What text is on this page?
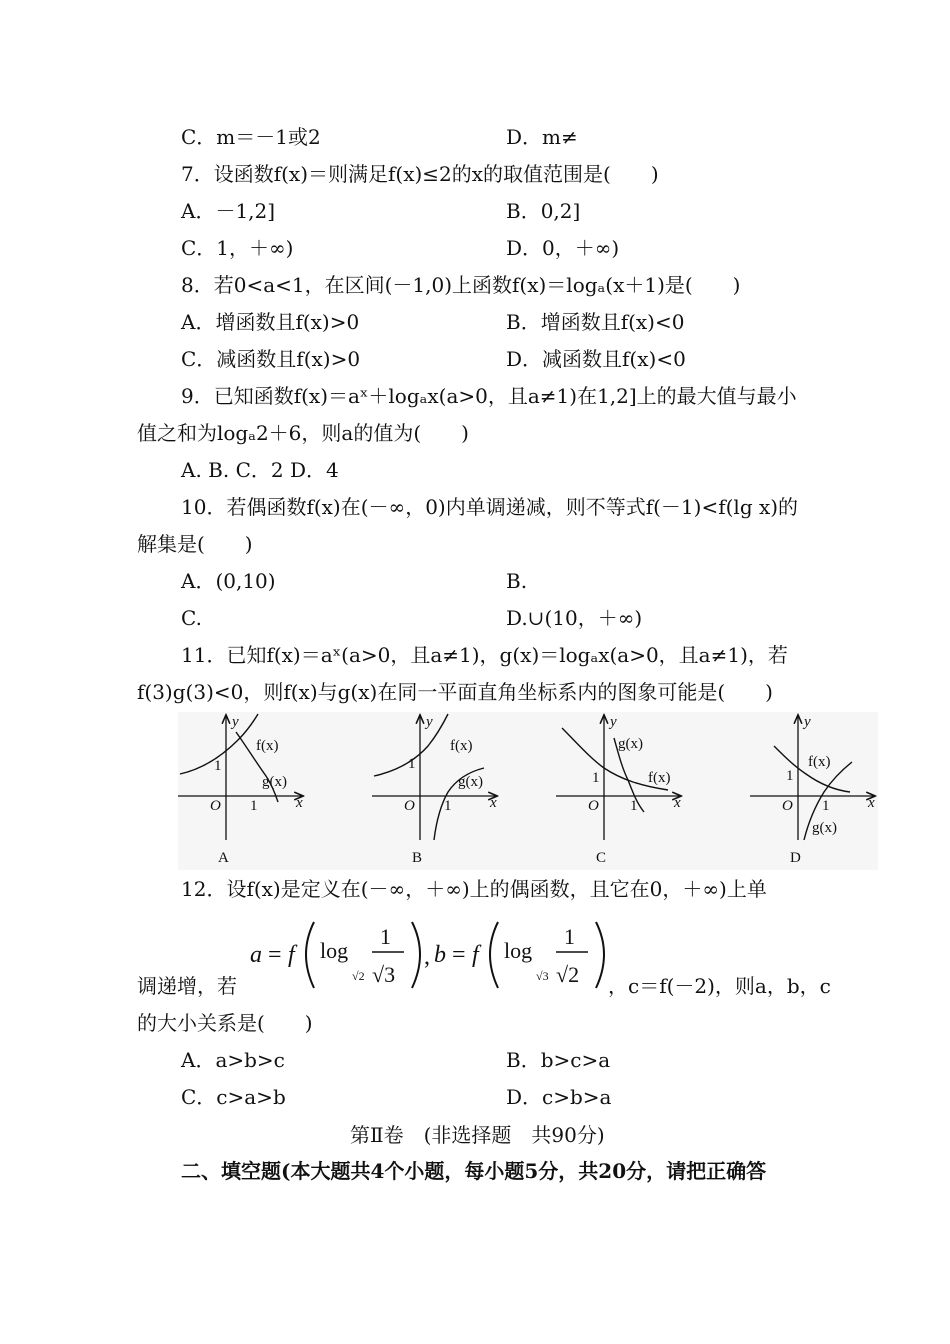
C．m＝－1或2	D．m≠
7．设函数f(x)＝则满足f(x)≤2的x的取值范围是(　　)
A．－1,2]	B．0,2]
C．1，＋∞)	D．0，＋∞)
8．若0<a<1，在区间(－1,0)上函数f(x)＝logₐ(x＋1)是(　　)
A．增函数且f(x)>0	B．增函数且f(x)<0
C．减函数且f(x)>0	D．减函数且f(x)<0
9．已知函数f(x)＝aˣ＋logₐx(a>0，且a≠1)在1,2]上的最大值与最小
值之和为logₐ2＋6，则a的值为(　　)
A. B. C．2 D．4
10．若偶函数f(x)在(－∞，0)内单调递减，则不等式f(－1)<f(lg x)的
解集是(　　)
A．(0,10)	B.
C.	D.∪(10，＋∞)
11．已知f(x)＝aˣ(a>0，且a≠1)，g(x)＝logₐx(a>0，且a≠1)，若
f(3)g(3)<0，则f(x)与g(x)在同一平面直角坐标系内的图象可能是(　　)
y
x
O
1
1
f(x)
g(x)
A
y
x
O
1
1
f(x)
g(x)
B
y
x
O
1
1
g(x)
f(x)
C
y
x
O
1
1
f(x)
g(x)
D
12．设f(x)是定义在(－∞，＋∞)上的偶函数，且它在0，＋∞)上单
a = f log
√2
1
√3
, b = f log
√3
1
√2
调递增，若	，c＝f(－2)，则a，b，c
的大小关系是(　　)
A．a>b>c	B．b>c>a
C．c>a>b	D．c>b>a
第Ⅱ卷　(非选择题　共90分)
二、填空题(本大题共4个小题，每小题5分，共20分，请把正确答
